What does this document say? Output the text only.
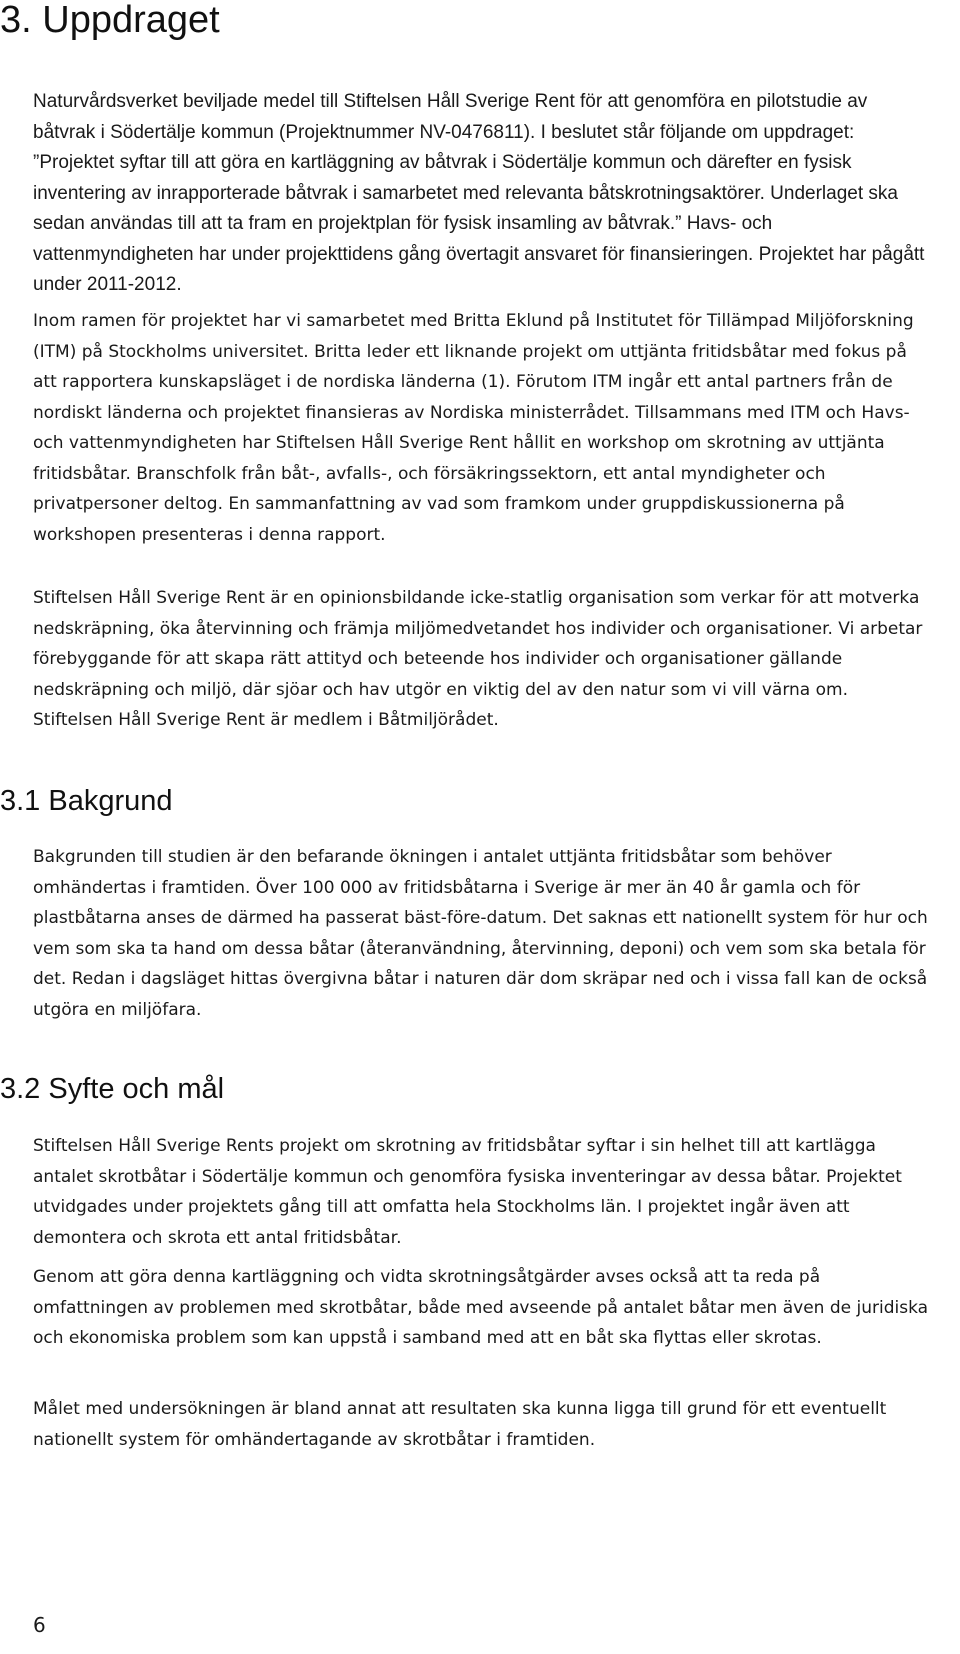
3. Uppdraget

Naturvårdsverket beviljade medel till Stiftelsen Håll Sverige Rent för att genomföra en pilotstudie av båtvrak i Södertälje kommun (Projektnummer NV-0476811). I beslutet står följande om uppdraget: ”Projektet syftar till att göra en kartläggning av båtvrak i Södertälje kommun och därefter en fysisk inventering av inrapporterade båtvrak i samarbetet med relevanta båtskrotningsaktörer. Underlaget ska sedan användas till att ta fram en projektplan för fysisk insamling av båtvrak.” Havs- och vattenmyndigheten har under projekttidens gång övertagit ansvaret för finansieringen. Projektet har pågått under 2011-2012.

Inom ramen för projektet har vi samarbetet med Britta Eklund på Institutet för Tillämpad Miljöforskning (ITM) på Stockholms universitet. Britta leder ett liknande projekt om uttjänta fritidsbåtar med fokus på att rapportera kunskapsläget i de nordiska länderna (1). Förutom ITM ingår ett antal partners från de nordiskt länderna och projektet finansieras av Nordiska ministerrådet. Tillsammans med ITM och Havs- och vattenmyndigheten har Stiftelsen Håll Sverige Rent hållit en workshop om skrotning av uttjänta fritidsbåtar. Branschfolk från båt-, avfalls-, och försäkringssektorn, ett antal myndigheter och privatpersoner deltog. En sammanfattning av vad som framkom under gruppdiskussionerna på workshopen presenteras i denna rapport.

Stiftelsen Håll Sverige Rent är en opinionsbildande icke-statlig organisation som verkar för att motverka nedskräpning, öka återvinning och främja miljömedvetandet hos individer och organisationer. Vi arbetar förebyggande för att skapa rätt attityd och beteende hos individer och organisationer gällande nedskräpning och miljö, där sjöar och hav utgör en viktig del av den natur som vi vill värna om. Stiftelsen Håll Sverige Rent är medlem i Båtmiljörådet.

3.1 Bakgrund

Bakgrunden till studien är den befarande ökningen i antalet uttjänta fritidsbåtar som behöver omhändertas i framtiden. Över 100 000 av fritidsbåtarna i Sverige är mer än 40 år gamla och för plastbåtarna anses de därmed ha passerat bäst-före-datum. Det saknas ett nationellt system för hur och vem som ska ta hand om dessa båtar (återanvändning, återvinning, deponi) och vem som ska betala för det. Redan i dagsläget hittas övergivna båtar i naturen där dom skräpar ned och i vissa fall kan de också utgöra en miljöfara.

3.2 Syfte och mål

Stiftelsen Håll Sverige Rents projekt om skrotning av fritidsbåtar syftar i sin helhet till att kartlägga antalet skrotbåtar i Södertälje kommun och genomföra fysiska inventeringar av dessa båtar. Projektet utvidgades under projektets gång till att omfatta hela Stockholms län. I projektet ingår även att demontera och skrota ett antal fritidsbåtar.

Genom att göra denna kartläggning och vidta skrotningsåtgärder avses också att ta reda på omfattningen av problemen med skrotbåtar, både med avseende på antalet båtar men även de juridiska och ekonomiska problem som kan uppstå i samband med att en båt ska flyttas eller skrotas.

Målet med undersökningen är bland annat att resultaten ska kunna ligga till grund för ett eventuellt nationellt system för omhändertagande av skrotbåtar i framtiden.

6
